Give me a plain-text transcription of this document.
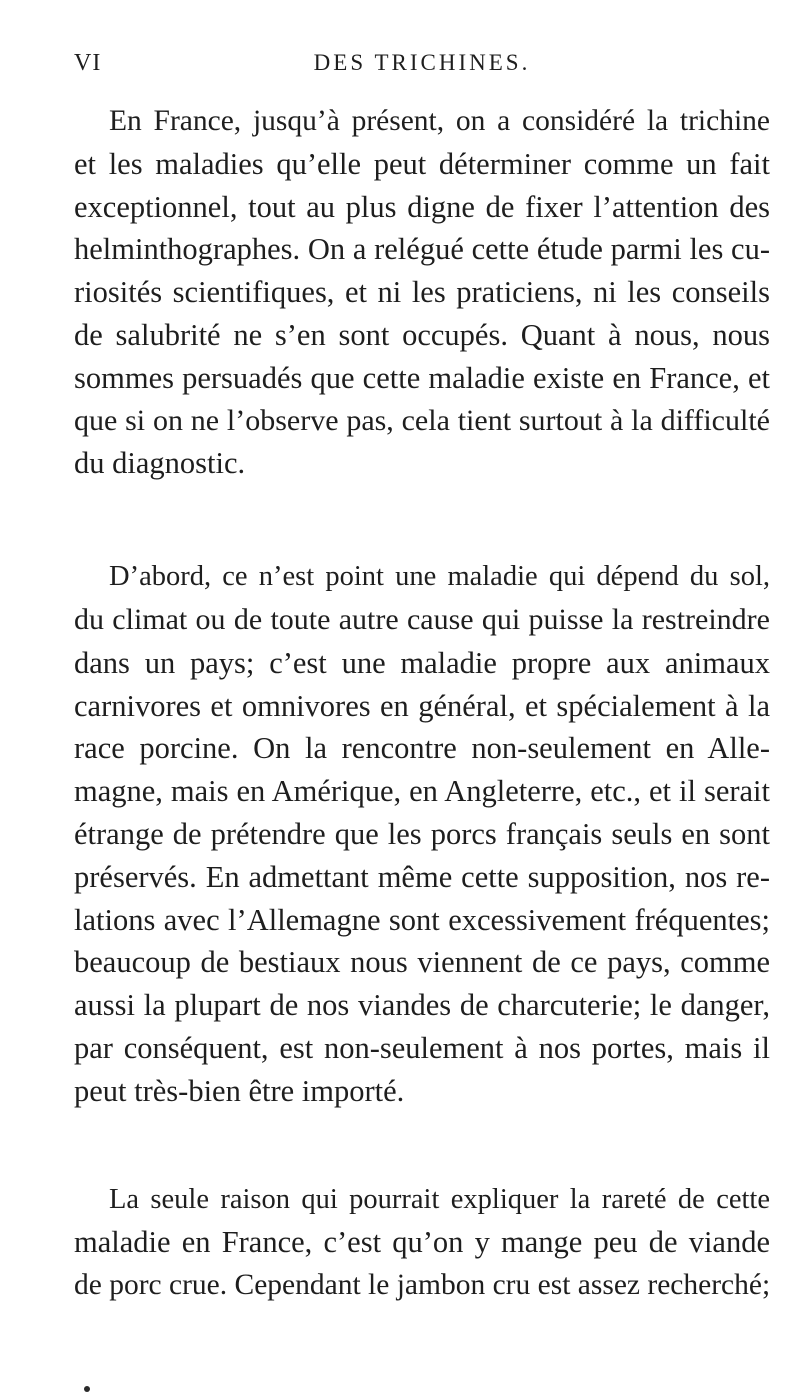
VI	DES TRICHINES.
En France, jusqu’à présent, on a considéré la trichine
et les maladies qu’elle peut déterminer comme un fait
exceptionnel, tout au plus digne de fixer l’attention des
helminthographes. On a relégué cette étude parmi les cu-
riosités scientifiques, et ni les praticiens, ni les conseils
de salubrité ne s’en sont occupés. Quant à nous, nous
sommes persuadés que cette maladie existe en France, et
que si on ne l’observe pas, cela tient surtout à la difficulté
du diagnostic.
D’abord, ce n’est point une maladie qui dépend du sol,
du climat ou de toute autre cause qui puisse la restreindre
dans un pays; c’est une maladie propre aux animaux
carnivores et omnivores en général, et spécialement à la
race porcine. On la rencontre non-seulement en Alle-
magne, mais en Amérique, en Angleterre, etc., et il serait
étrange de prétendre que les porcs français seuls en sont
préservés. En admettant même cette supposition, nos re-
lations avec l’Allemagne sont excessivement fréquentes;
beaucoup de bestiaux nous viennent de ce pays, comme
aussi la plupart de nos viandes de charcuterie; le danger,
par conséquent, est non-seulement à nos portes, mais il
peut très-bien être importé.
La seule raison qui pourrait expliquer la rareté de cette
maladie en France, c’est qu’on y mange peu de viande
de porc crue. Cependant le jambon cru est assez recherché;
